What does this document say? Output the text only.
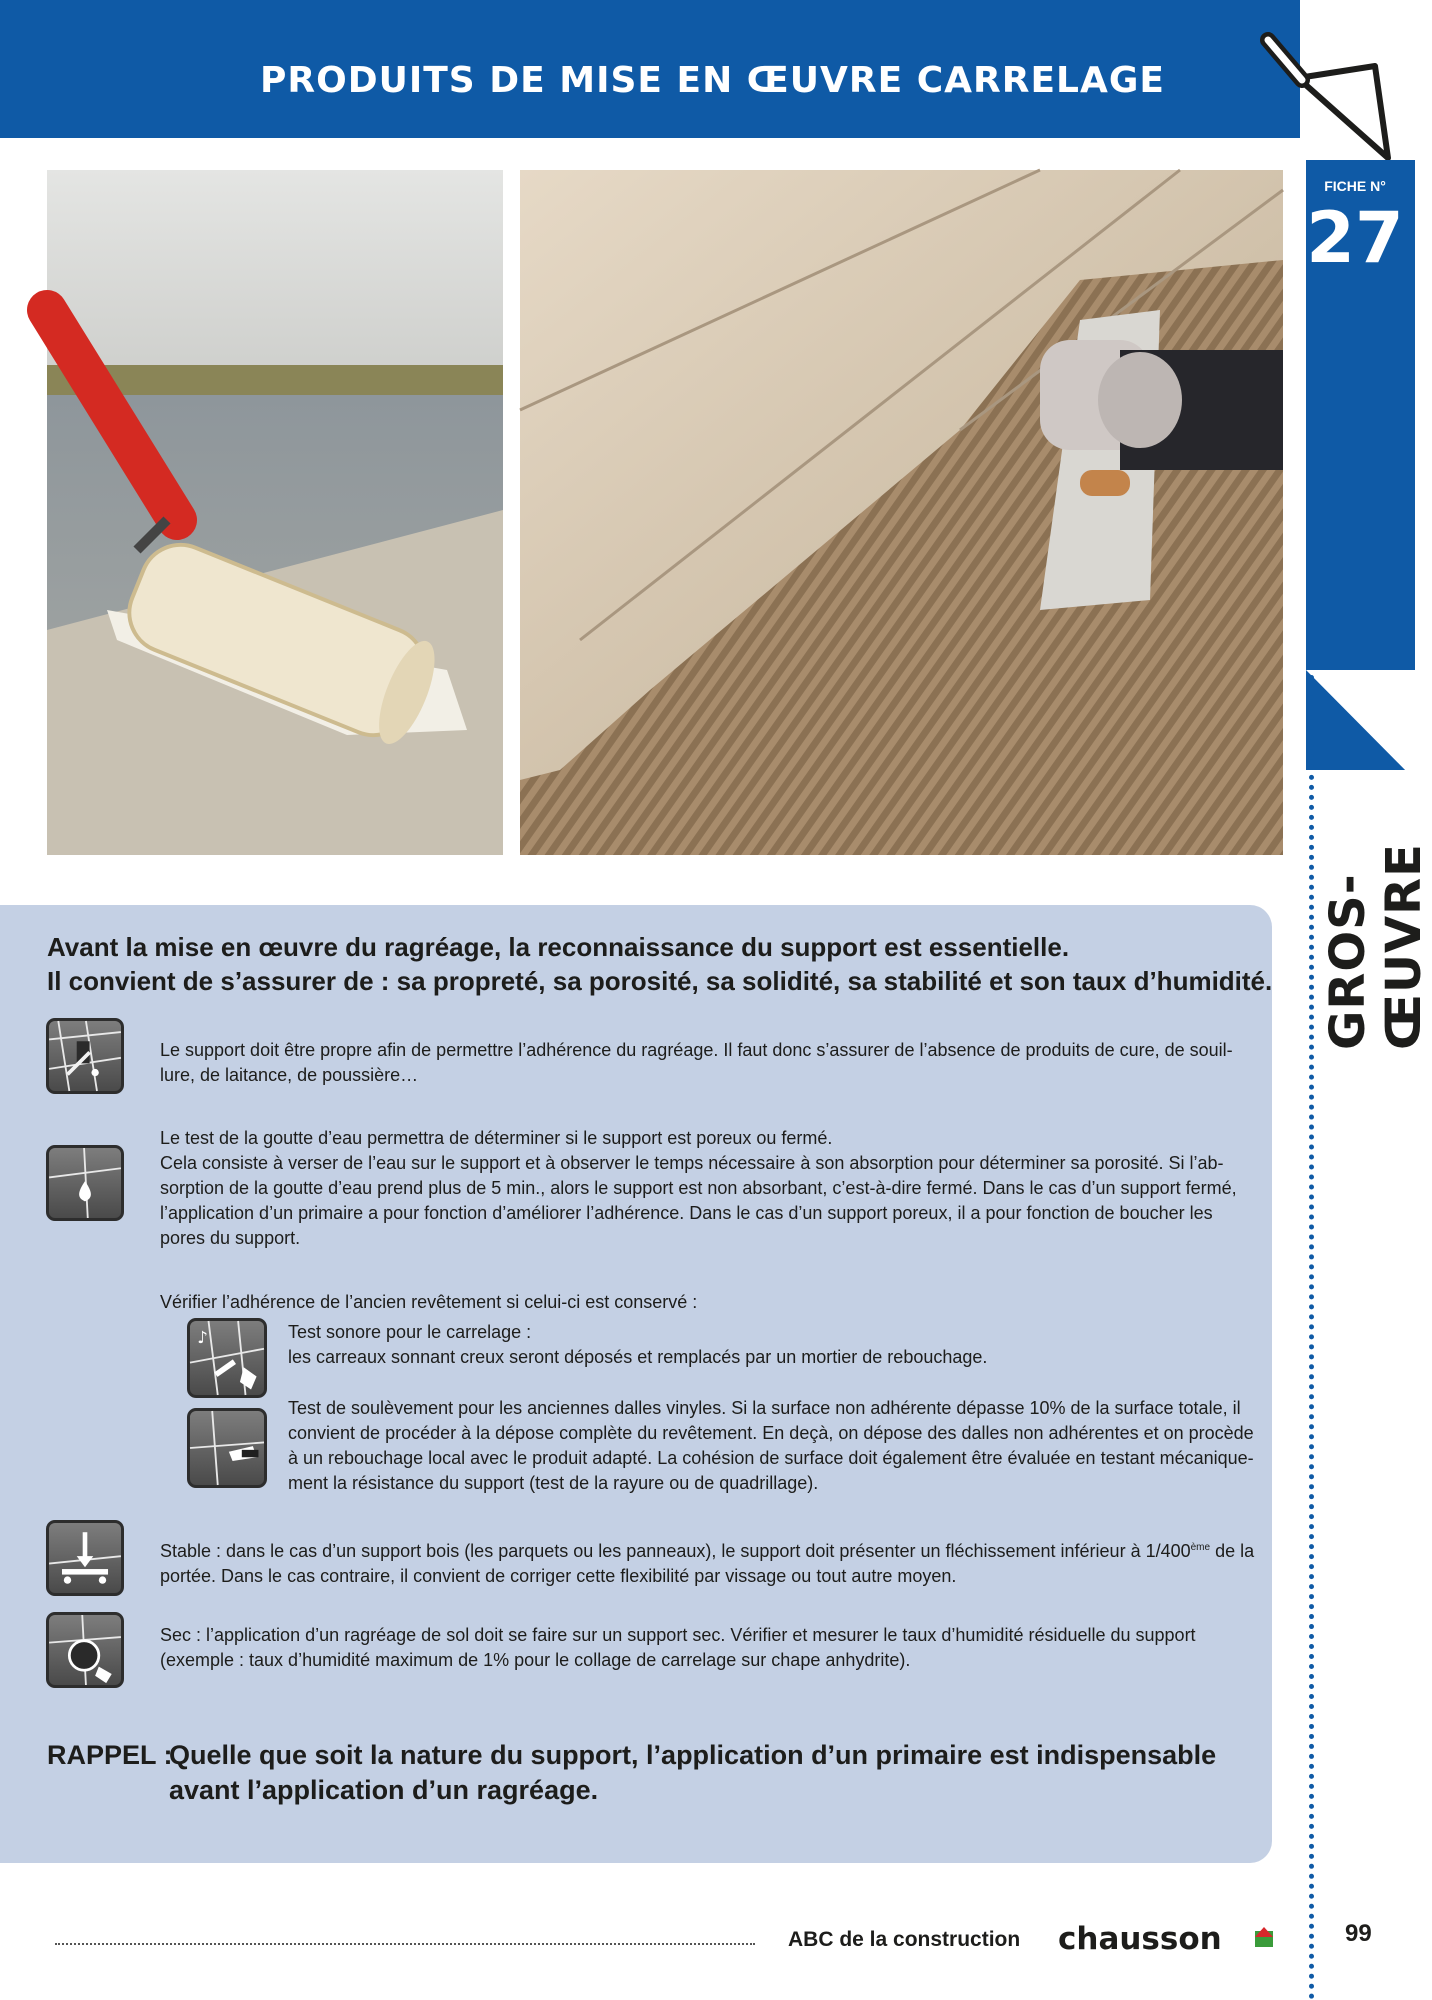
PRODUITS DE MISE EN ŒUVRE CARRELAGE
FICHE N°
27
GROS-ŒUVRE
Avant la mise en œuvre du ragréage, la reconnaissance du support est essentielle.
Il convient de s’assurer de : sa propreté, sa porosité, sa solidité, sa stabilité et son taux d’humidité.
Le support doit être propre afin de permettre l’adhérence du ragréage. Il faut donc s’assurer de l’absence de produits de cure, de souil-
lure, de laitance, de poussière…
Le test de la goutte d’eau permettra de déterminer si le support est poreux ou fermé.
Cela consiste à verser de l’eau sur le support et à observer le temps nécessaire à son absorption pour déterminer sa porosité. Si l’ab-
sorption de la goutte d’eau prend plus de 5 min., alors le support est non absorbant, c’est-à-dire fermé. Dans le cas d’un support fermé,
l’application d’un primaire a pour fonction d’améliorer l’adhérence. Dans le cas d’un support poreux, il a pour fonction de boucher les
pores du support.
Vérifier l’adhérence de l’ancien revêtement si celui-ci est conservé :
♪	Test sonore pour le carrelage :
les carreaux sonnant creux seront déposés et remplacés par un mortier de rebouchage.
Test de soulèvement pour les anciennes dalles vinyles. Si la surface non adhérente dépasse 10% de la surface totale, il
convient de procéder à la dépose complète du revêtement. En deçà, on dépose des dalles non adhérentes et on procède
à un rebouchage local avec le produit adapté. La cohésion de surface doit également être évaluée en testant mécanique-
ment la résistance du support (test de la rayure ou de quadrillage).
Stable : dans le cas d’un support bois (les parquets ou les panneaux), le support doit présenter un fléchissement inférieur à 1/400ème de la
portée. Dans le cas contraire, il convient de corriger cette flexibilité par vissage ou tout autre moyen.
Sec : l’application d’un ragréage de sol doit se faire sur un support sec. Vérifier et mesurer le taux d’humidité résiduelle du support
(exemple : taux d’humidité maximum de 1% pour le collage de carrelage sur chape anhydrite).
RAPPEL :
Quelle que soit la nature du support, l’application d’un primaire est indispensable
avant l’application d’un ragréage.
ABC de la construction chausson	99
